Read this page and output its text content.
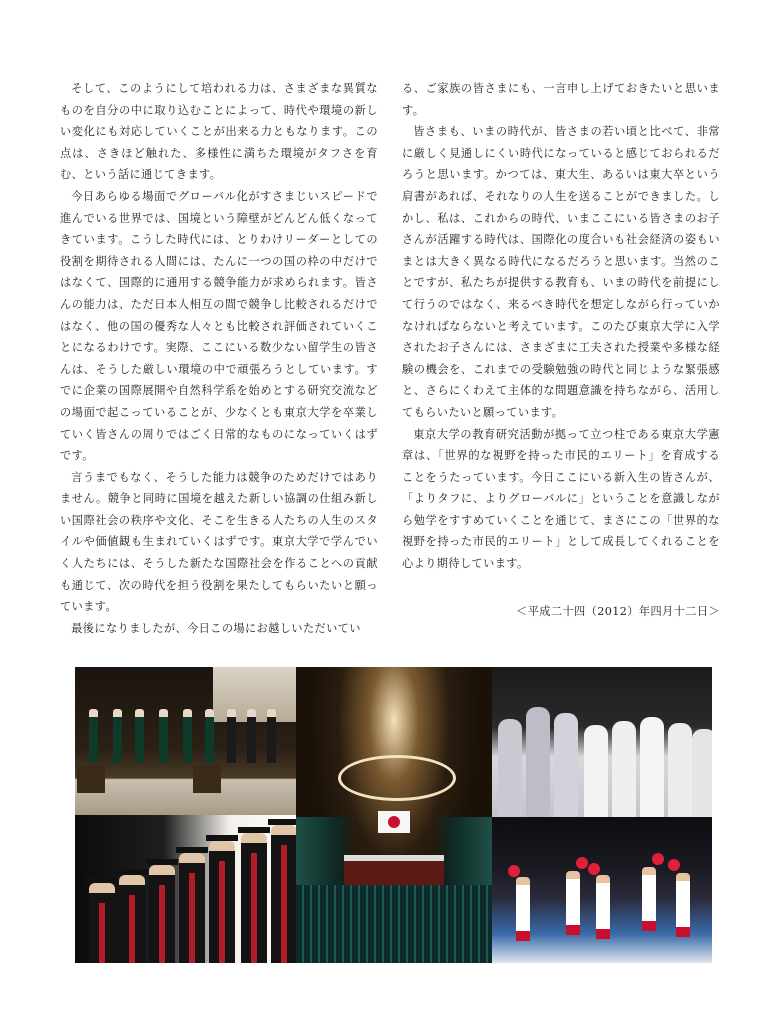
そして、このようにして培われる力は、さまざまな異質なものを自分の中に取り込むことによって、時代や環境の新しい変化にも対応していくことが出来る力ともなります。この点は、さきほど触れた、多様性に満ちた環境がタフさを育む、という話に通じてきます。

今日あらゆる場面でグローバル化がすさまじいスピードで進んでいる世界では、国境という障壁がどんどん低くなってきています。こうした時代には、とりわけリーダーとしての役割を期待される人間には、たんに一つの国の枠の中だけではなくて、国際的に通用する競争能力が求められます。皆さんの能力は、ただ日本人相互の間で競争し比較されるだけではなく、他の国の優秀な人々とも比較され評価されていくことになるわけです。実際、ここにいる数少ない留学生の皆さんは、そうした厳しい環境の中で頑張ろうとしています。すでに企業の国際展開や自然科学系を始めとする研究交流などの場面で起こっていることが、少なくとも東京大学を卒業していく皆さんの周りではごく日常的なものになっていくはずです。

言うまでもなく、そうした能力は競争のためだけではありません。競争と同時に国境を越えた新しい協調の仕組み新しい国際社会の秩序や文化、そこを生きる人たちの人生のスタイルや価値観も生まれていくはずです。東京大学で学んでいく人たちには、そうした新たな国際社会を作ることへの貢献も通じて、次の時代を担う役割を果たしてもらいたいと願っています。

最後になりましたが、今日この場にお越しいただいてい

る、ご家族の皆さまにも、一言申し上げておきたいと思います。

皆さまも、いまの時代が、皆さまの若い頃と比べて、非常に厳しく見通しにくい時代になっていると感じておられるだろうと思います。かつては、東大生、あるいは東大卒という肩書があれば、それなりの人生を送ることができました。しかし、私は、これからの時代、いまここにいる皆さまのお子さんが活躍する時代は、国際化の度合いも社会経済の姿もいまとは大きく異なる時代になるだろうと思います。当然のことですが、私たちが提供する教育も、いまの時代を前提にして行うのではなく、来るべき時代を想定しながら行っていかなければならないと考えています。このたび東京大学に入学されたお子さんには、さまざまに工夫された授業や多様な経験の機会を、これまでの受験勉強の時代と同じような緊張感と、さらにくわえて主体的な問題意識を持ちながら、活用してもらいたいと願っています。

東京大学の教育研究活動が拠って立つ柱である東京大学憲章は、「世界的な視野を持った市民的エリート」を育成することをうたっています。今日ここにいる新入生の皆さんが、「よりタフに、よりグローバルに」ということを意識しながら勉学をすすめていくことを通じて、まさにこの「世界的な視野を持った市民的エリート」として成長してくれることを心より期待しています。

＜平成二十四（2012）年四月十二日＞
